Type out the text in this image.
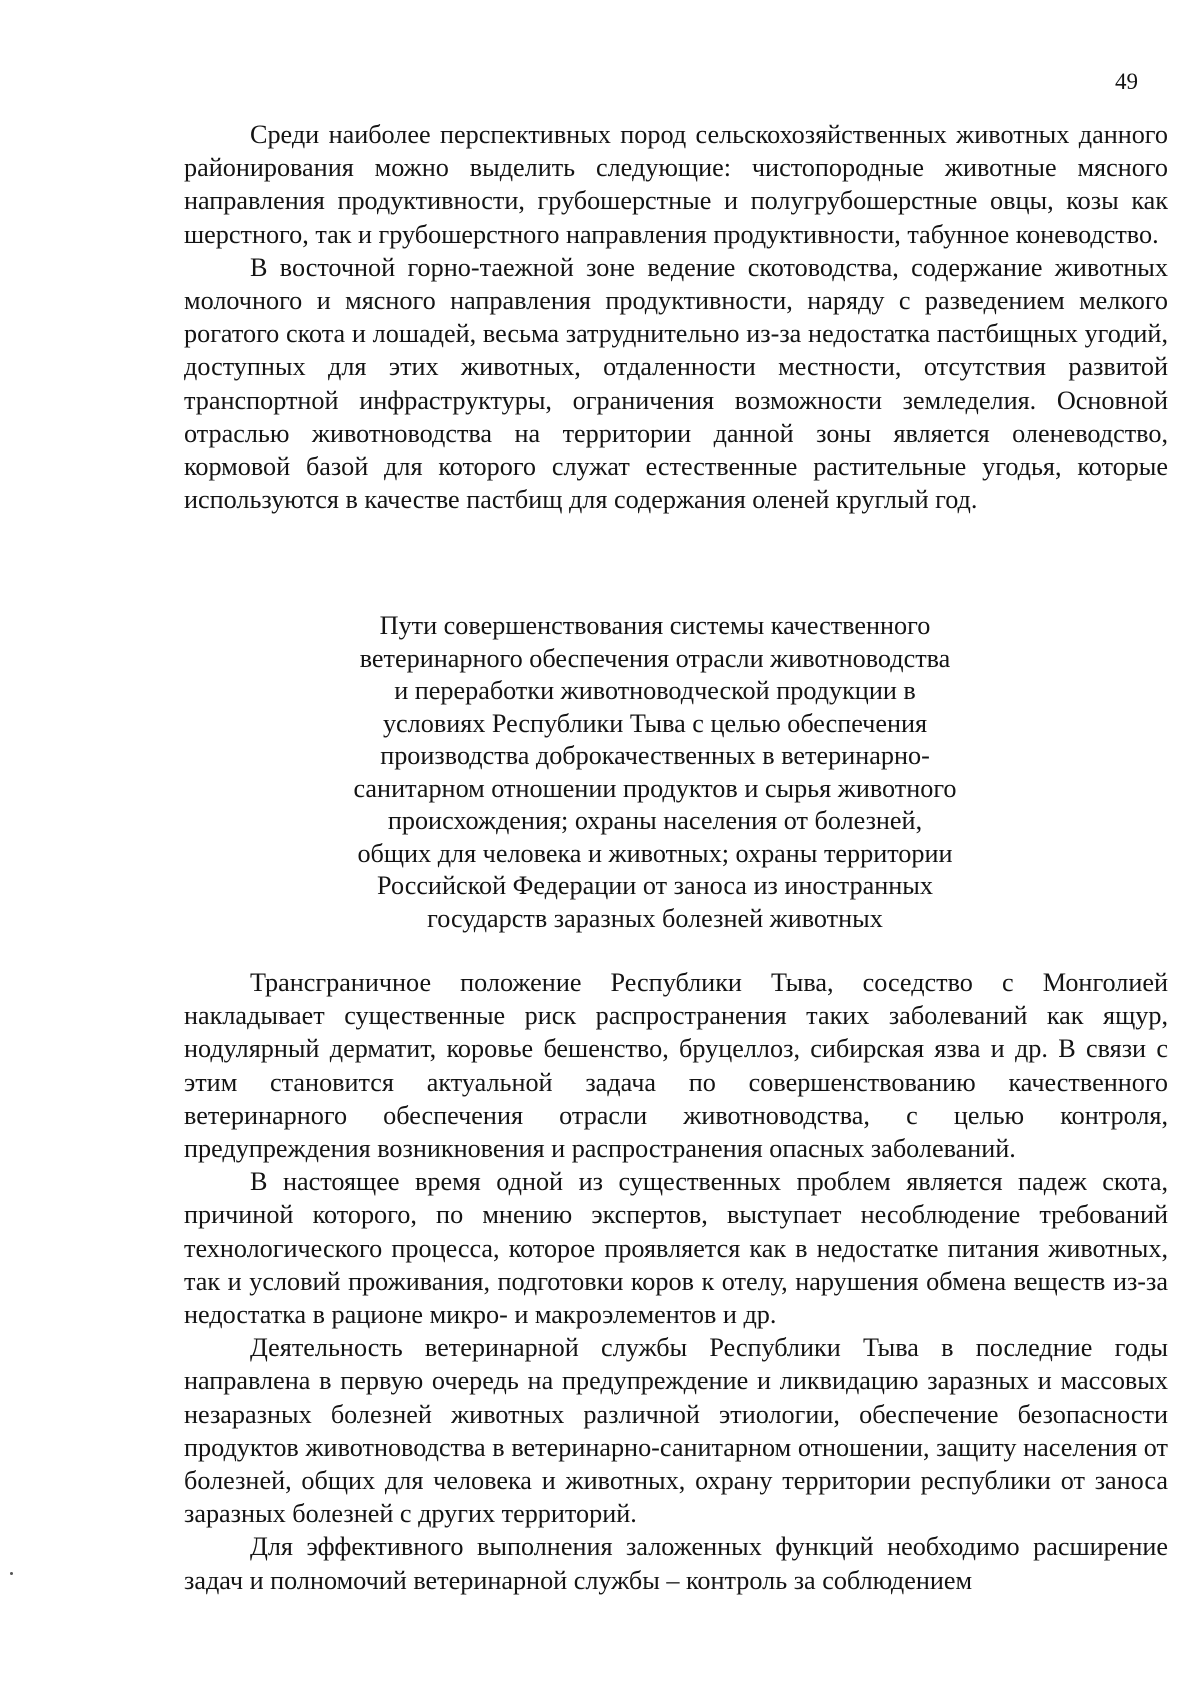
49

Среди наиболее перспективных пород сельскохозяйственных животных данного районирования можно выделить следующие: чистопородные животные мясного направления продуктивности, грубошерстные и полугрубошерстные овцы, козы как шерстного, так и грубошерстного направления продуктивности, табунное коневодство.

В восточной горно-таежной зоне ведение скотоводства, содержание животных молочного и мясного направления продуктивности, наряду с разведением мелкого рогатого скота и лошадей, весьма затруднительно из-за недостатка пастбищных угодий, доступных для этих животных, отдаленности местности, отсутствия развитой транспортной инфраструктуры, ограничения возможности земледелия. Основной отраслью животноводства на территории данной зоны является оленеводство, кормовой базой для которого служат естественные растительные угодья, которые используются в качестве пастбищ для содержания оленей круглый год.

Пути совершенствования системы качественного
ветеринарного обеспечения отрасли животноводства
и переработки животноводческой продукции в
условиях Республики Тыва с целью обеспечения
производства доброкачественных в ветеринарно-
санитарном отношении продуктов и сырья животного
происхождения; охраны населения от болезней,
общих для человека и животных; охраны территории
Российской Федерации от заноса из иностранных
государств заразных болезней животных

Трансграничное положение Республики Тыва, соседство с Монголией накладывает существенные риск распространения таких заболеваний как ящур, нодулярный дерматит, коровье бешенство, бруцеллоз, сибирская язва и др. В связи с этим становится актуальной задача по совершенствованию качественного ветеринарного обеспечения отрасли животноводства, с целью контроля, предупреждения возникновения и распространения опасных заболеваний.

В настоящее время одной из существенных проблем является падеж скота, причиной которого, по мнению экспертов, выступает несоблюдение требований технологического процесса, которое проявляется как в недостатке питания животных, так и условий проживания, подготовки коров к отелу, нарушения обмена веществ из-за недостатка в рационе микро- и макроэлементов и др.

Деятельность ветеринарной службы Республики Тыва в последние годы направлена в первую очередь на предупреждение и ликвидацию заразных и массовых незаразных болезней животных различной этиологии, обеспечение безопасности продуктов животноводства в ветеринарно-санитарном отношении, защиту населения от болезней, общих для человека и животных, охрану территории республики от заноса заразных болезней с других территорий.

Для эффективного выполнения заложенных функций необходимо расширение задач и полномочий ветеринарной службы – контроль за соблюдением
